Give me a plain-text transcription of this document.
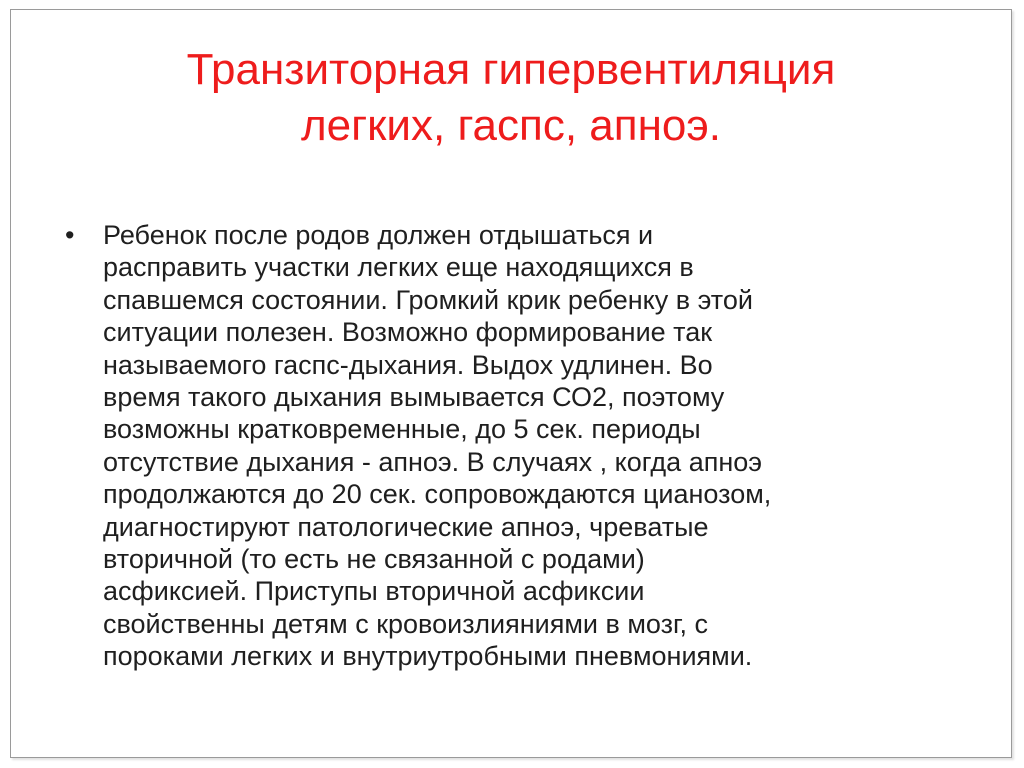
Транзиторная гипервентиляция
легких, гаспс, апноэ.
• Ребенок после родов должен отдышаться и
расправить участки легких еще находящихся в
спавшемся состоянии. Громкий крик ребенку в этой
ситуации полезен. Возможно формирование так
называемого гаспс-дыхания. Выдох удлинен. Во
время такого дыхания вымывается СО2, поэтому
возможны кратковременные, до 5 сек. периоды
отсутствие дыхания - апноэ. В случаях , когда апноэ
продолжаются до 20 сек. сопровождаются цианозом,
диагностируют патологические апноэ, чреватые
вторичной (то есть не связанной с родами)
асфиксией. Приступы вторичной асфиксии
свойственны детям с кровоизлияниями в мозг, с
пороками легких и внутриутробными пневмониями.
